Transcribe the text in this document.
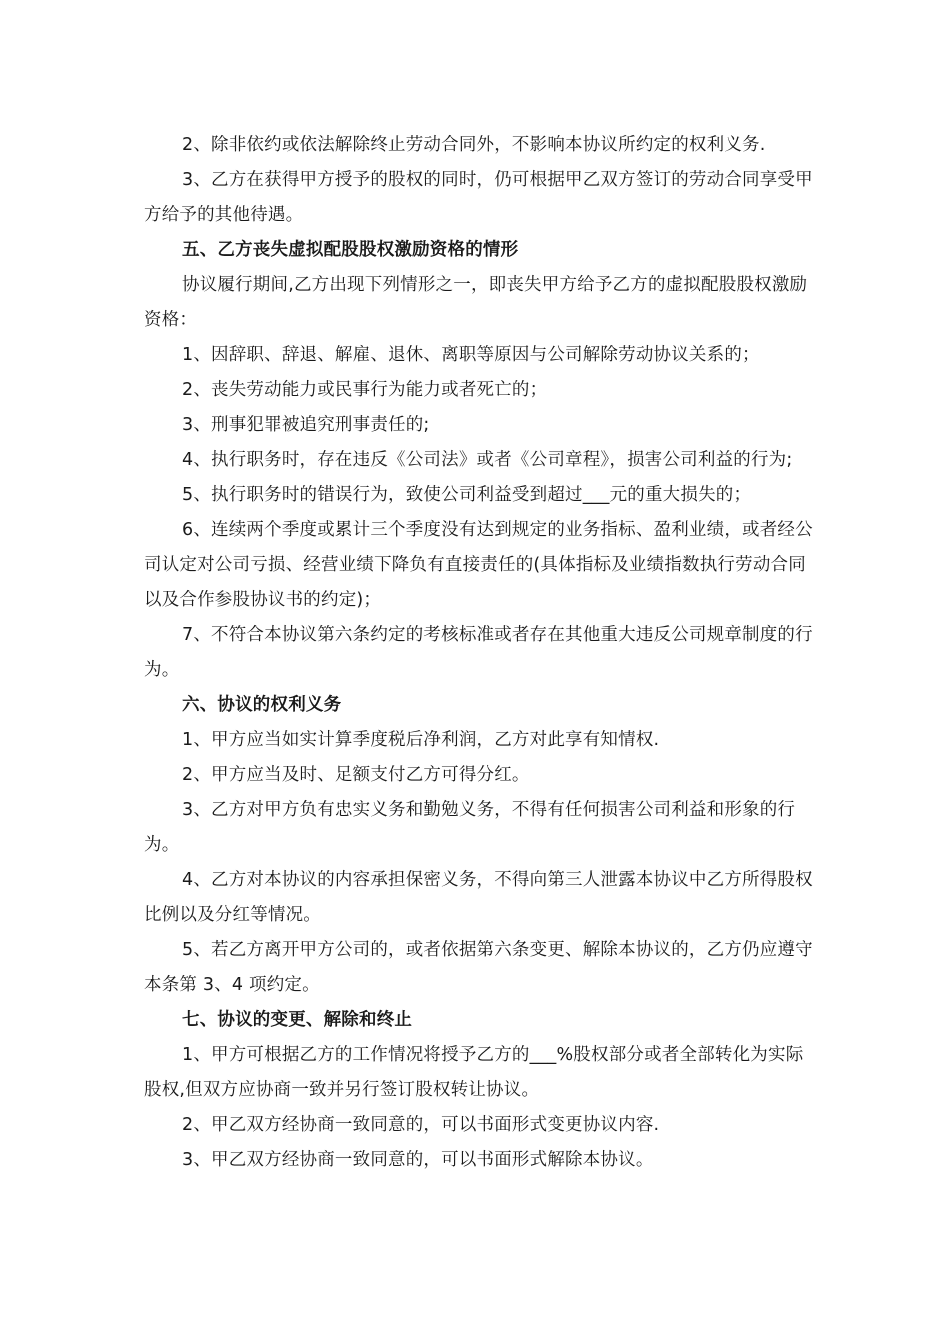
2、除非依约或依法解除终止劳动合同外，不影响本协议所约定的权利义务.

3、乙方在获得甲方授予的股权的同时，仍可根据甲乙双方签订的劳动合同享受甲方给予的其他待遇。

五、乙方丧失虚拟配股股权激励资格的情形

协议履行期间,乙方出现下列情形之一，即丧失甲方给予乙方的虚拟配股股权激励资格：

1、因辞职、辞退、解雇、退休、离职等原因与公司解除劳动协议关系的；

2、丧失劳动能力或民事行为能力或者死亡的；

3、刑事犯罪被追究刑事责任的;

4、执行职务时，存在违反《公司法》或者《公司章程》，损害公司利益的行为;

5、执行职务时的错误行为，致使公司利益受到超过___元的重大损失的；

6、连续两个季度或累计三个季度没有达到规定的业务指标、盈利业绩，或者经公司认定对公司亏损、经营业绩下降负有直接责任的(具体指标及业绩指数执行劳动合同以及合作参股协议书的约定)；

7、不符合本协议第六条约定的考核标准或者存在其他重大违反公司规章制度的行为。

六、协议的权利义务

1、甲方应当如实计算季度税后净利润，乙方对此享有知情权.

2、甲方应当及时、足额支付乙方可得分红。

3、乙方对甲方负有忠实义务和勤勉义务，不得有任何损害公司利益和形象的行为。

4、乙方对本协议的内容承担保密义务，不得向第三人泄露本协议中乙方所得股权比例以及分红等情况。

5、若乙方离开甲方公司的，或者依据第六条变更、解除本协议的，乙方仍应遵守本条第 3、4 项约定。

七、协议的变更、解除和终止

1、甲方可根据乙方的工作情况将授予乙方的___%股权部分或者全部转化为实际股权,但双方应协商一致并另行签订股权转让协议。

2、甲乙双方经协商一致同意的，可以书面形式变更协议内容.

3、甲乙双方经协商一致同意的，可以书面形式解除本协议。
